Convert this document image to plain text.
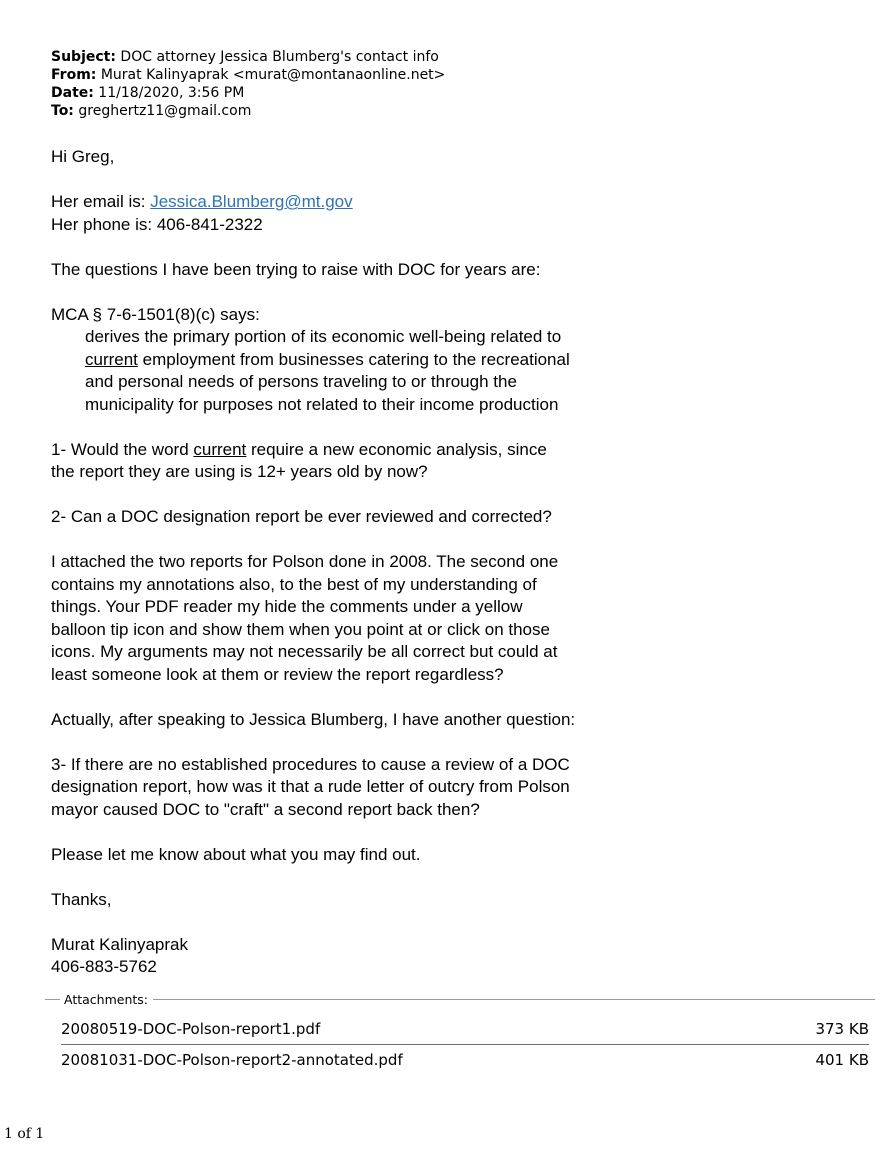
Subject: DOC attorney Jessica Blumberg's contact info
From: Murat Kalinyaprak <murat@montanaonline.net>
Date: 11/18/2020, 3:56 PM
To: greghertz11@gmail.com

Hi Greg,

Her email is: Jessica.Blumberg@mt.gov
Her phone is: 406-841-2322

The questions I have been trying to raise with DOC for years are:

MCA § 7-6-1501(8)(c) says:

derives the primary portion of its economic well-being related to
current employment from businesses catering to the recreational
and personal needs of persons traveling to or through the
municipality for purposes not related to their income production

1- Would the word current require a new economic analysis, since
the report they are using is 12+ years old by now?

2- Can a DOC designation report be ever reviewed and corrected?

I attached the two reports for Polson done in 2008. The second one
contains my annotations also, to the best of my understanding of
things. Your PDF reader my hide the comments under a yellow
balloon tip icon and show them when you point at or click on those
icons. My arguments may not necessarily be all correct but could at
least someone look at them or review the report regardless?

Actually, after speaking to Jessica Blumberg, I have another question:

3- If there are no established procedures to cause a review of a DOC
designation report, how was it that a rude letter of outcry from Polson
mayor caused DOC to "craft" a second report back then?

Please let me know about what you may find out.

Thanks,

Murat Kalinyaprak
406-883-5762

Attachments:
20080519-DOC-Polson-report1.pdf	373 KB
20081031-DOC-Polson-report2-annotated.pdf	401 KB
1 of 1
